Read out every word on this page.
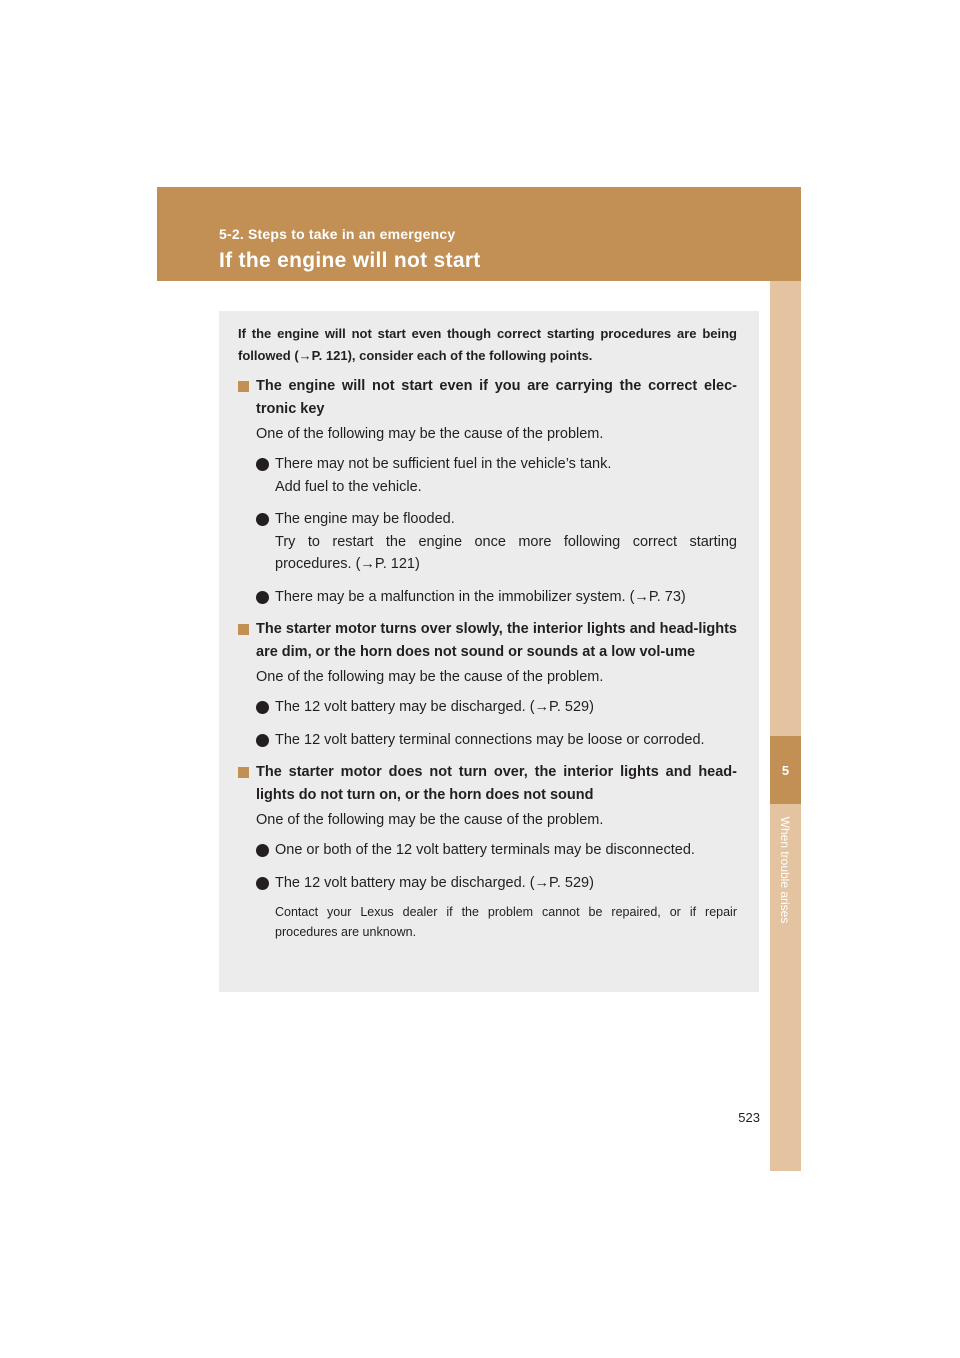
5-2. Steps to take in an emergency
If the engine will not start
5
When trouble arises

If the engine will not start even though correct starting procedures are being followed (→P. 121), consider each of the following points.

The engine will not start even if you are carrying the correct elec-tronic key
One of the following may be the cause of the problem.
There may not be sufficient fuel in the vehicle’s tank.
Add fuel to the vehicle.
The engine may be flooded.
Try to restart the engine once more following correct starting procedures. (→P. 121)
There may be a malfunction in the immobilizer system. (→P. 73)
The starter motor turns over slowly, the interior lights and head-lights are dim, or the horn does not sound or sounds at a low vol-ume
One of the following may be the cause of the problem.
The 12 volt battery may be discharged. (→P. 529)
The 12 volt battery terminal connections may be loose or corroded.
The starter motor does not turn over, the interior lights and head-lights do not turn on, or the horn does not sound
One of the following may be the cause of the problem.
One or both of the 12 volt battery terminals may be disconnected.
The 12 volt battery may be discharged. (→P. 529)
Contact your Lexus dealer if the problem cannot be repaired, or if repair procedures are unknown.
523
